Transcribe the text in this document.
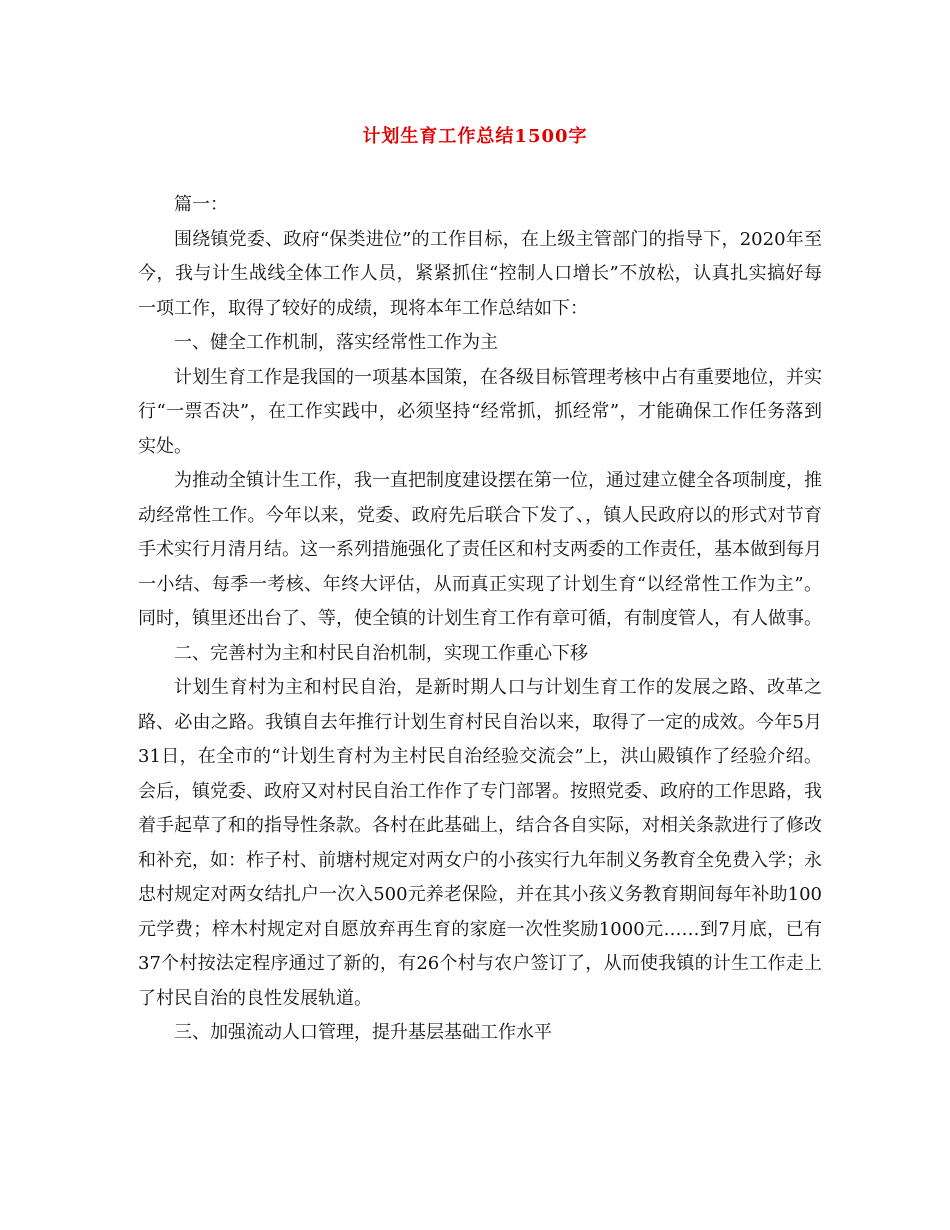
计划生育工作总结1500字

篇一：

围绕镇党委、政府“保类进位”的工作目标，在上级主管部门的指导下，2020年至今，我与计生战线全体工作人员，紧紧抓住“控制人口增长”不放松，认真扎实搞好每一项工作，取得了较好的成绩，现将本年工作总结如下：

一、健全工作机制，落实经常性工作为主

计划生育工作是我国的一项基本国策，在各级目标管理考核中占有重要地位，并实行“一票否决”，在工作实践中，必须坚持“经常抓，抓经常”，才能确保工作任务落到实处。

为推动全镇计生工作，我一直把制度建设摆在第一位，通过建立健全各项制度，推动经常性工作。今年以来，党委、政府先后联合下发了、，镇人民政府以的形式对节育手术实行月清月结。这一系列措施强化了责任区和村支两委的工作责任，基本做到每月一小结、每季一考核、年终大评估，从而真正实现了计划生育“以经常性工作为主”。同时，镇里还出台了、等，使全镇的计划生育工作有章可循，有制度管人，有人做事。

二、完善村为主和村民自治机制，实现工作重心下移

计划生育村为主和村民自治，是新时期人口与计划生育工作的发展之路、改革之路、必由之路。我镇自去年推行计划生育村民自治以来，取得了一定的成效。今年5月31日，在全市的“计划生育村为主村民自治经验交流会”上，洪山殿镇作了经验介绍。会后，镇党委、政府又对村民自治工作作了专门部署。按照党委、政府的工作思路，我着手起草了和的指导性条款。各村在此基础上，结合各自实际，对相关条款进行了修改和补充，如：柞子村、前塘村规定对两女户的小孩实行九年制义务教育全免费入学；永忠村规定对两女结扎户一次入500元养老保险，并在其小孩义务教育期间每年补助100元学费；梓木村规定对自愿放弃再生育的家庭一次性奖励1000元……到7月底，已有37个村按法定程序通过了新的，有26个村与农户签订了，从而使我镇的计生工作走上了村民自治的良性发展轨道。

三、加强流动人口管理，提升基层基础工作水平
